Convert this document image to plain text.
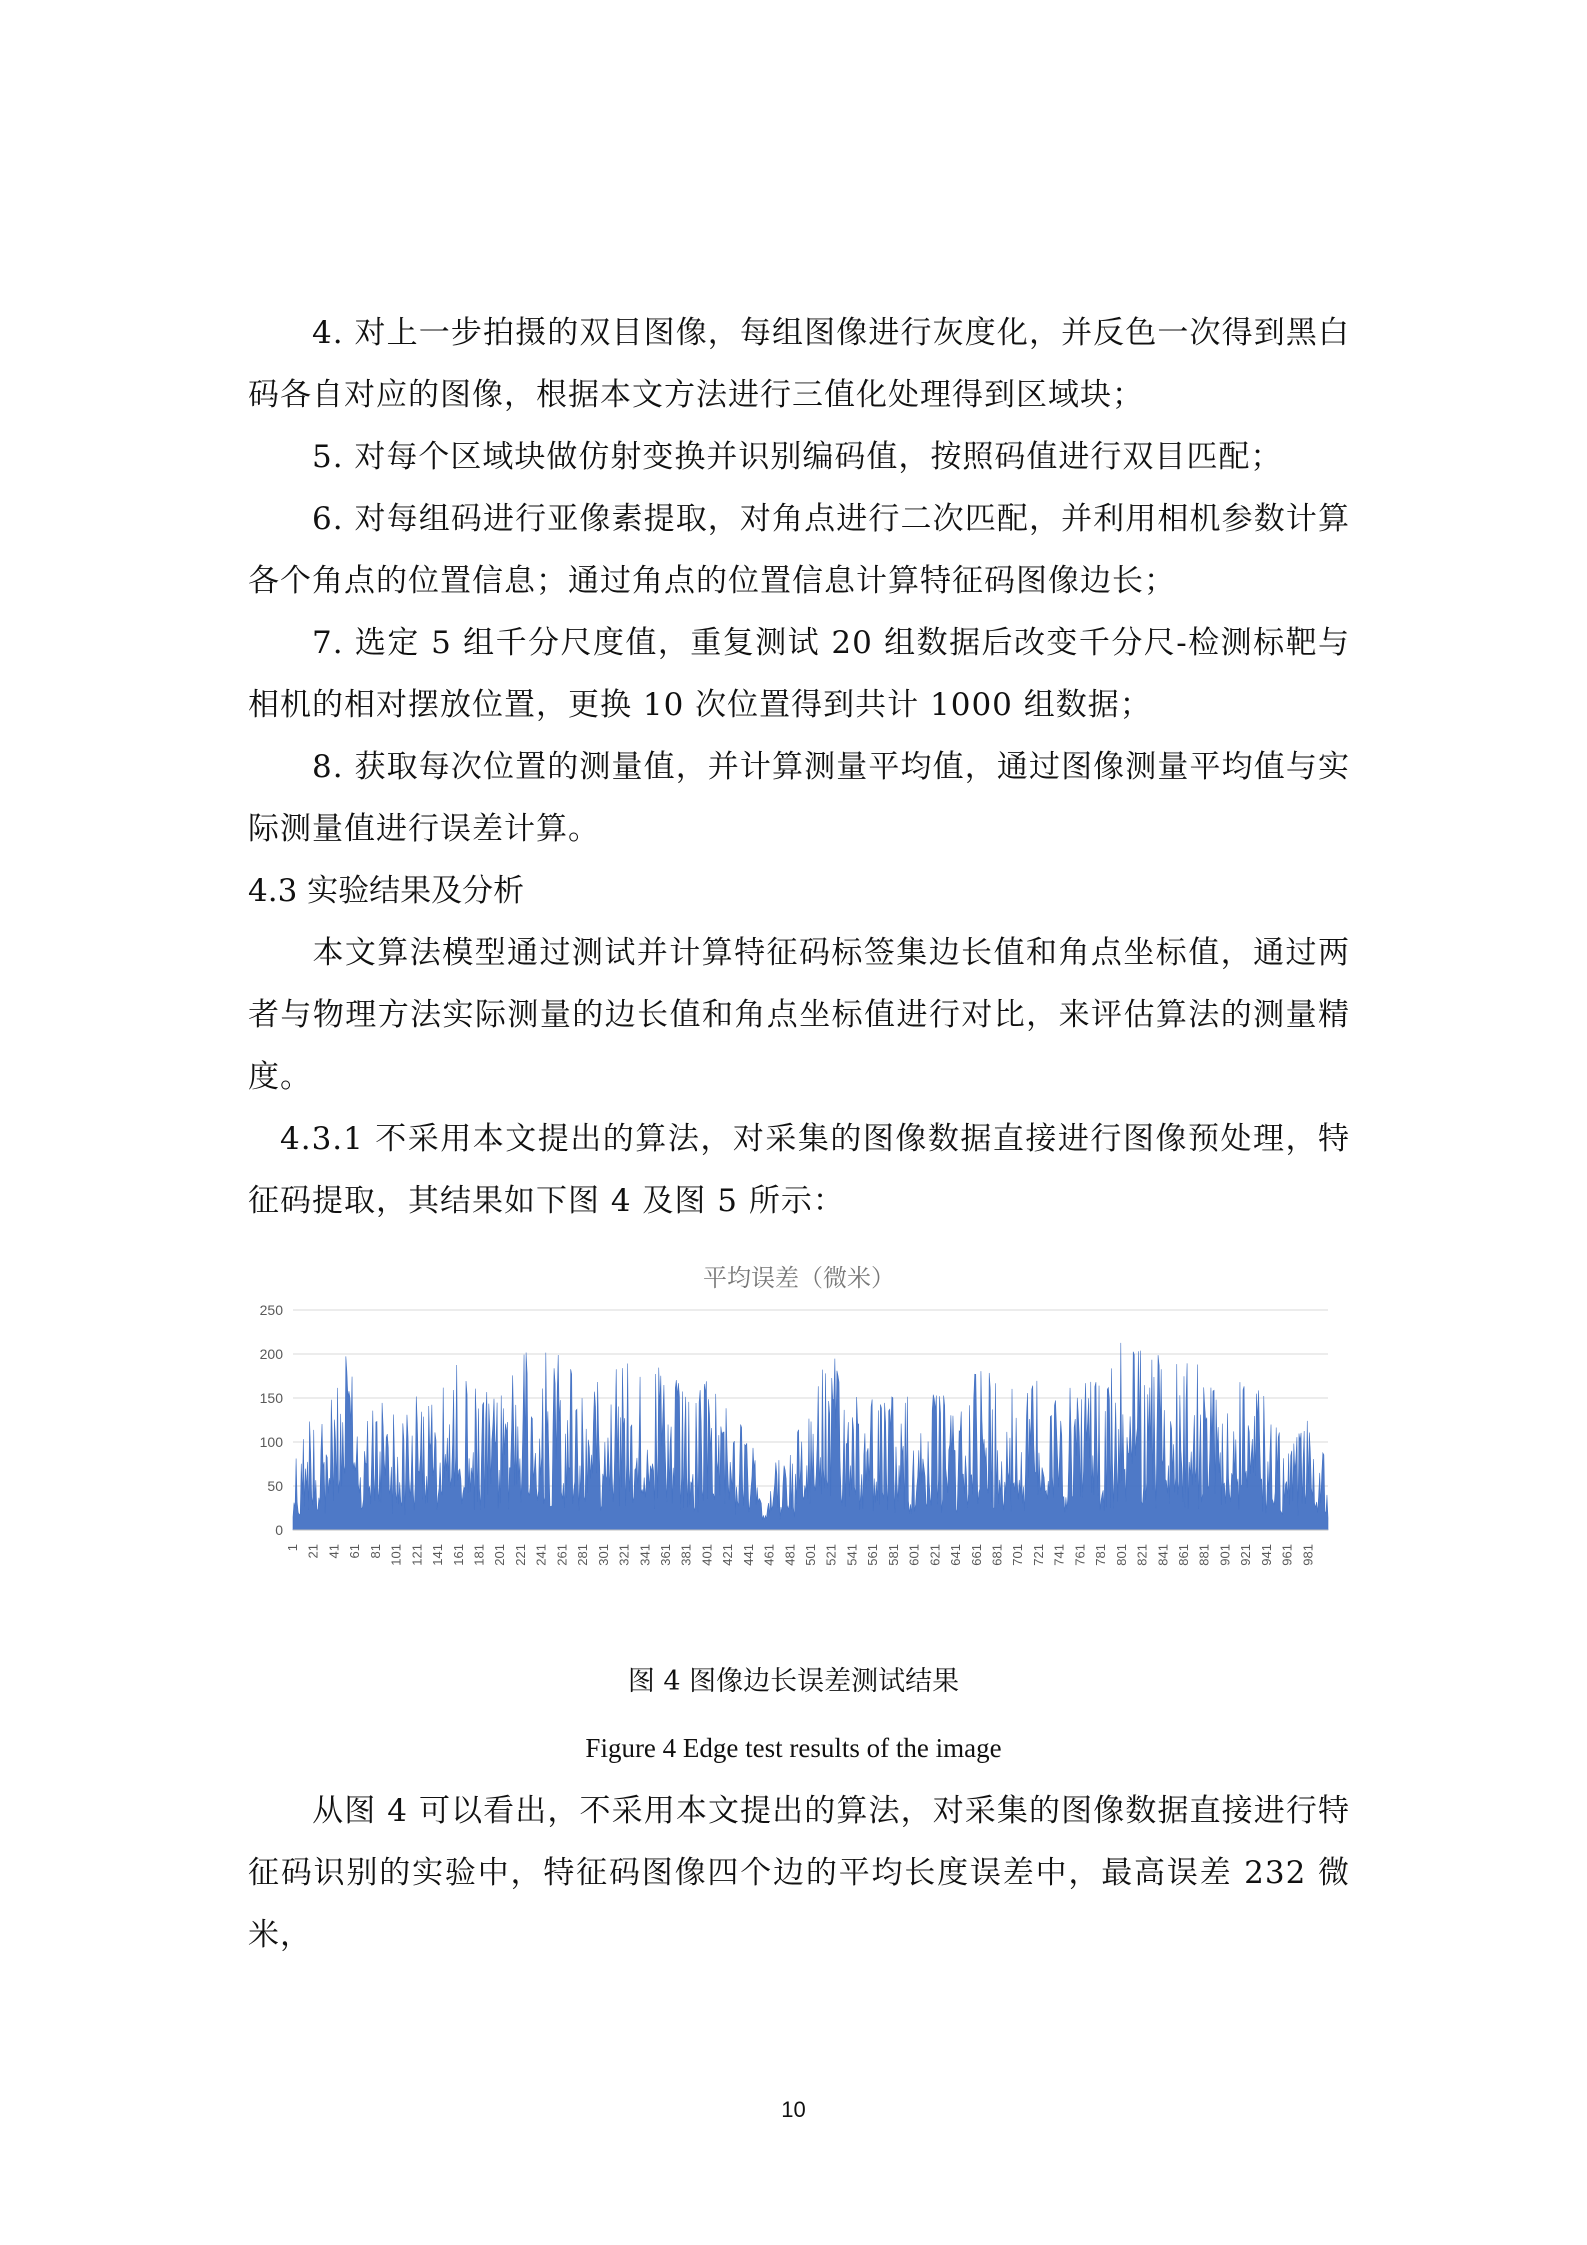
4. 对上一步拍摄的双目图像，每组图像进行灰度化，并反色一次得到黑白码各自对应的图像，根据本文方法进行三值化处理得到区域块；

5. 对每个区域块做仿射变换并识别编码值，按照码值进行双目匹配；

6. 对每组码进行亚像素提取，对角点进行二次匹配，并利用相机参数计算各个角点的位置信息；通过角点的位置信息计算特征码图像边长；

7. 选定 5 组千分尺度值，重复测试 20 组数据后改变千分尺-检测标靶与相机的相对摆放位置，更换 10 次位置得到共计 1000 组数据；

8. 获取每次位置的测量值，并计算测量平均值，通过图像测量平均值与实际测量值进行误差计算。

4.3 实验结果及分析

本文算法模型通过测试并计算特征码标签集边长值和角点坐标值，通过两者与物理方法实际测量的边长值和角点坐标值进行对比，来评估算法的测量精度。

4.3.1 不采用本文提出的算法，对采集的图像数据直接进行图像预处理，特征码提取，其结果如下图 4 及图 5 所示：

平均误差（微米）
0
50
100
150
200
250
1 21 41 61 81 101 121 141 161 181 201 221 241 261 281 301 321 341 361 381 401 421 441 461 481 501 521 541 561 581 601 621 641 661 681 701 721 741 761 781 801 821 841 861 881 901 921 941 961 981
图 4 图像边长误差测试结果
Figure 4 Edge test results of the image

从图 4 可以看出，不采用本文提出的算法，对采集的图像数据直接进行特征码识别的实验中，特征码图像四个边的平均长度误差中，最高误差 232 微米，

10
